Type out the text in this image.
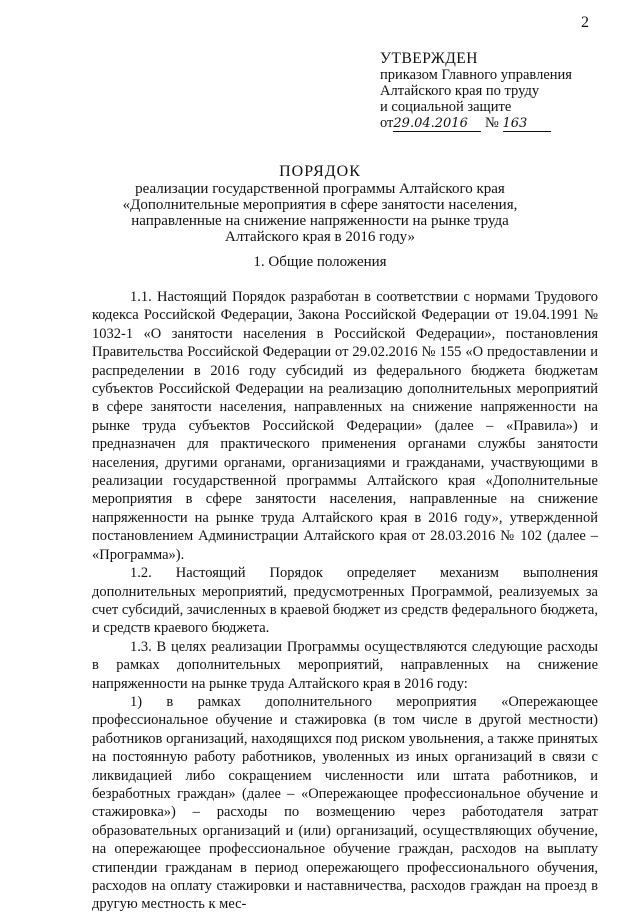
2
УТВЕРЖДЕН
приказом Главного управления
Алтайского края по труду
и социальной защите
от29.04.2016 № 163
ПОРЯДОК
реализации государственной программы Алтайского края
«Дополнительные мероприятия в сфере занятости населения,
направленные на снижение напряженности на рынке труда
Алтайского края в 2016 году»
1. Общие положения

1.1. Настоящий Порядок разработан в соответствии с нормами Трудового кодекса Российской Федерации, Закона Российской Федерации от 19.04.1991 № 1032-1 «О занятости населения в Российской Федерации», постановления Правительства Российской Федерации от 29.02.2016 № 155 «О предоставлении и распределении в 2016 году субсидий из федерального бюджета бюджетам субъектов Российской Федерации на реализацию дополнительных мероприятий в сфере занятости населения, направленных на снижение напряженности на рынке труда субъектов Российской Федерации» (далее – «Правила») и предназначен для практического применения органами службы занятости населения, другими органами, организациями и гражданами, участвующими в реализации государственной программы Алтайского края «Дополнительные мероприятия в сфере занятости населения, направленные на снижение напряженности на рынке труда Алтайского края в 2016 году», утвержденной постановлением Администрации Алтайского края от 28.03.2016 № 102 (далее – «Программа»).

1.2. Настоящий Порядок определяет механизм выполнения дополнительных мероприятий, предусмотренных Программой, реализуемых за счет субсидий, зачисленных в краевой бюджет из средств федерального бюджета, и средств краевого бюджета.

1.3. В целях реализации Программы осуществляются следующие расходы в рамках дополнительных мероприятий, направленных на снижение напряженности на рынке труда Алтайского края в 2016 году:

1) в рамках дополнительного мероприятия «Опережающее профессиональное обучение и стажировка (в том числе в другой местности) работников организаций, находящихся под риском увольнения, а также принятых на постоянную работу работников, уволенных из иных организаций в связи с ликвидацией либо сокращением численности или штата работников, и безработных граждан» (далее – «Опережающее профессиональное обучение и стажировка») – расходы по возмещению через работодателя затрат образовательных организаций и (или) организаций, осуществляющих обучение, на опережающее профессиональное обучение граждан, расходов на выплату стипендии гражданам в период опережающего профессионального обучения, расходов на оплату стажировки и наставничества, расходов граждан на проезд в другую местность к мес-
